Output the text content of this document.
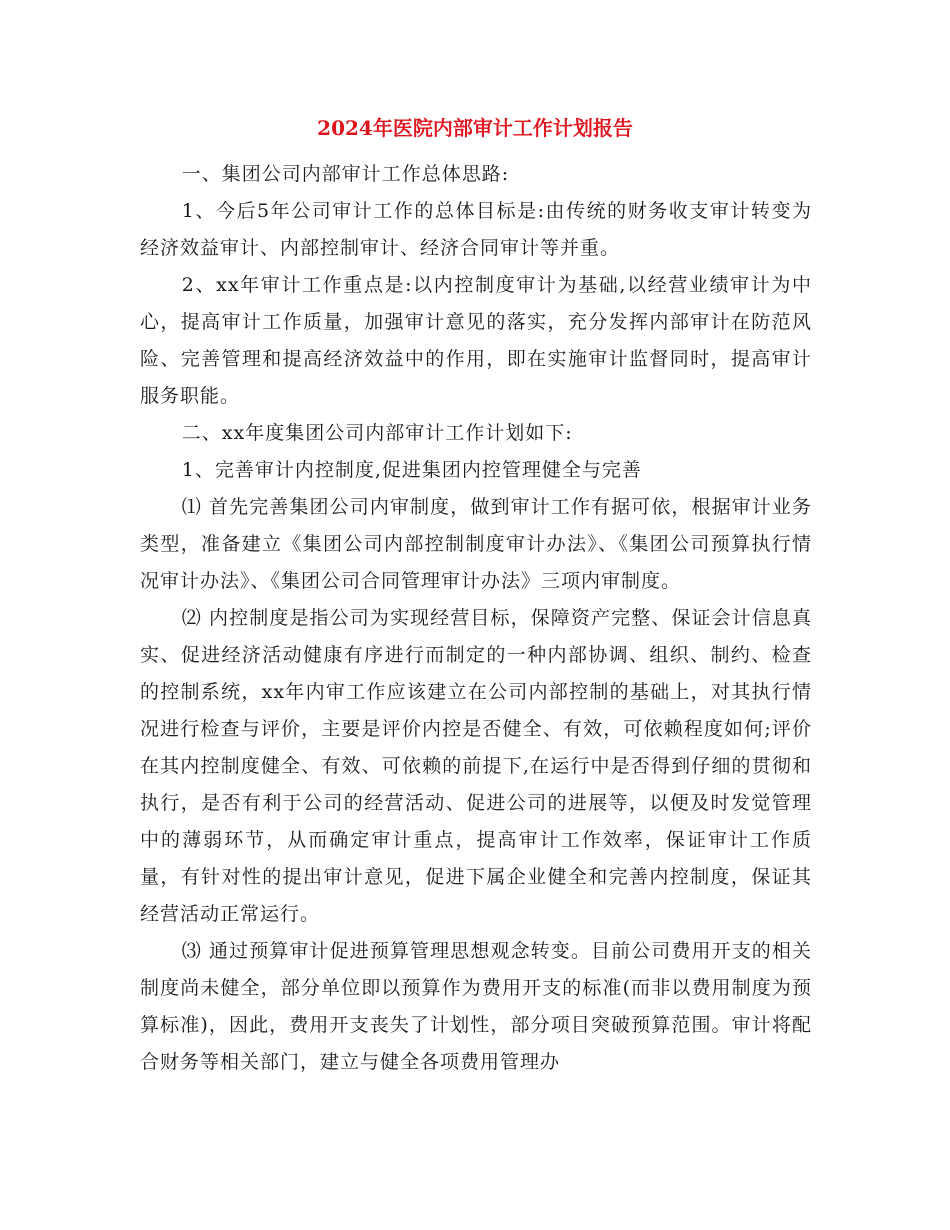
2024年医院内部审计工作计划报告

一、集团公司内部审计工作总体思路:

1、今后5年公司审计工作的总体目标是:由传统的财务收支审计转变为经济效益审计、内部控制审计、经济合同审计等并重。

2、xx年审计工作重点是:以内控制度审计为基础,以经营业绩审计为中心，提高审计工作质量，加强审计意见的落实，充分发挥内部审计在防范风险、完善管理和提高经济效益中的作用，即在实施审计监督同时，提高审计服务职能。

二、xx年度集团公司内部审计工作计划如下:

1、完善审计内控制度,促进集团内控管理健全与完善

⑴ 首先完善集团公司内审制度，做到审计工作有据可依，根据审计业务类型，准备建立《集团公司内部控制制度审计办法》、《集团公司预算执行情况审计办法》、《集团公司合同管理审计办法》三项内审制度。

⑵ 内控制度是指公司为实现经营目标，保障资产完整、保证会计信息真实、促进经济活动健康有序进行而制定的一种内部协调、组织、制约、检查的控制系统，xx年内审工作应该建立在公司内部控制的基础上，对其执行情况进行检查与评价，主要是评价内控是否健全、有效，可依赖程度如何;评价在其内控制度健全、有效、可依赖的前提下,在运行中是否得到仔细的贯彻和执行，是否有利于公司的经营活动、促进公司的进展等，以便及时发觉管理中的薄弱环节，从而确定审计重点，提高审计工作效率，保证审计工作质量，有针对性的提出审计意见，促进下属企业健全和完善内控制度，保证其经营活动正常运行。

⑶ 通过预算审计促进预算管理思想观念转变。目前公司费用开支的相关制度尚未健全，部分单位即以预算作为费用开支的标准(而非以费用制度为预算标准)，因此，费用开支丧失了计划性，部分项目突破预算范围。审计将配合财务等相关部门，建立与健全各项费用管理办
